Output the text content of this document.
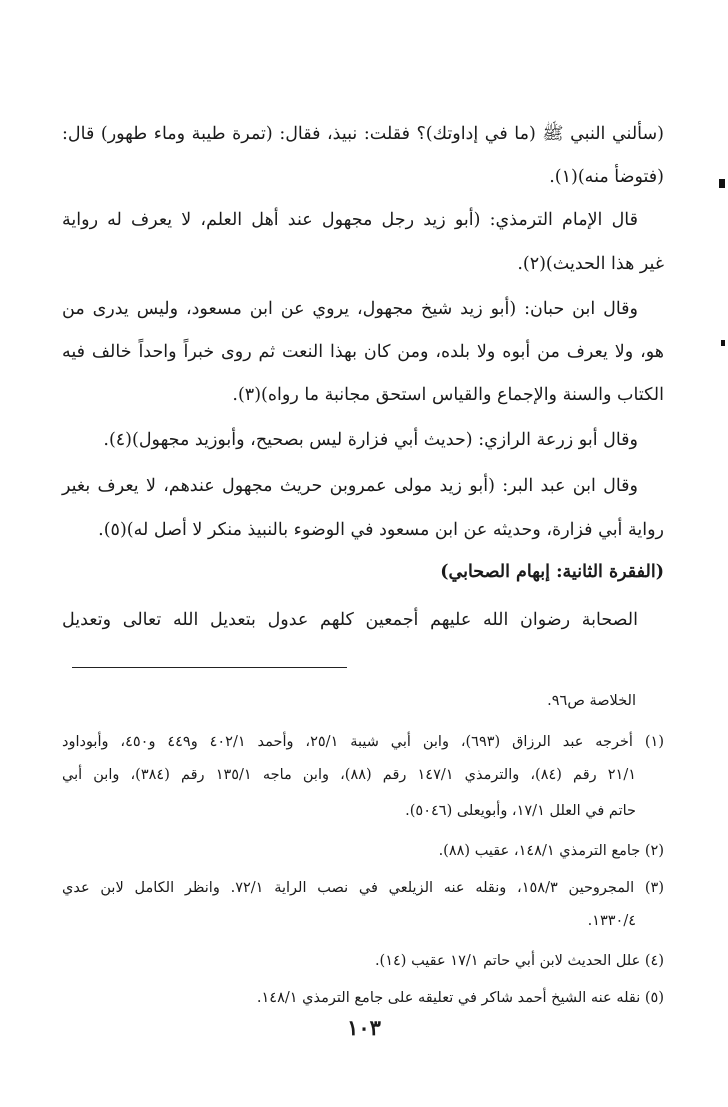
(سألني النبي ﷺ (ما في إداوتك)؟ فقلت: نبيذ، فقال: (تمرة طيبة وماء طهور) قال:
(فتوضأ منه)(١).
قال الإمام الترمذي: (أبو زيد رجل مجهول عند أهل العلم، لا يعرف له رواية
غير هذا الحديث)(٢).
وقال ابن حبان: (أبو زيد شيخ مجهول، يروي عن ابن مسعود، وليس يدرى من
هو، ولا يعرف من أبوه ولا بلده، ومن كان بهذا النعت ثم روى خبراً واحداً خالف فيه
الكتاب والسنة والإجماع والقياس استحق مجانبة ما رواه)(٣).
وقال أبو زرعة الرازي: (حديث أبي فزارة ليس بصحيح، وأبوزيد مجهول)(٤).
وقال ابن عبد البر: (أبو زيد مولى عمروبن حريث مجهول عندهم، لا يعرف بغير
رواية أبي فزارة، وحديثه عن ابن مسعود في الوضوء بالنبيذ منكر لا أصل له)(٥).
(الفقرة الثانية: إبهام الصحابي)
الصحابة رضوان الله عليهم أجمعين كلهم عدول بتعديل الله تعالى وتعديل
الخلاصة ص٩٦.
(١) أخرجه عبد الرزاق (٦٩٣)، وابن أبي شيبة ٢٥/١، وأحمد ٤٠٢/١ و٤٤٩ و٤٥٠، وأبوداود
٢١/١ رقم (٨٤)، والترمذي ١٤٧/١ رقم (٨٨)، وابن ماجه ١٣٥/١ رقم (٣٨٤)، وابن أبي
حاتم في العلل ١٧/١، وأبويعلى (٥٠٤٦).
(٢) جامع الترمذي ١٤٨/١، عقيب (٨٨).
(٣) المجروحين ١٥٨/٣، ونقله عنه الزيلعي في نصب الراية ٧٢/١. وانظر الكامل لابن عدي
١٣٣٠/٤.
(٤) علل الحديث لابن أبي حاتم ١٧/١ عقيب (١٤).
(٥) نقله عنه الشيخ أحمد شاكر في تعليقه على جامع الترمذي ١٤٨/١.
١٠٣
